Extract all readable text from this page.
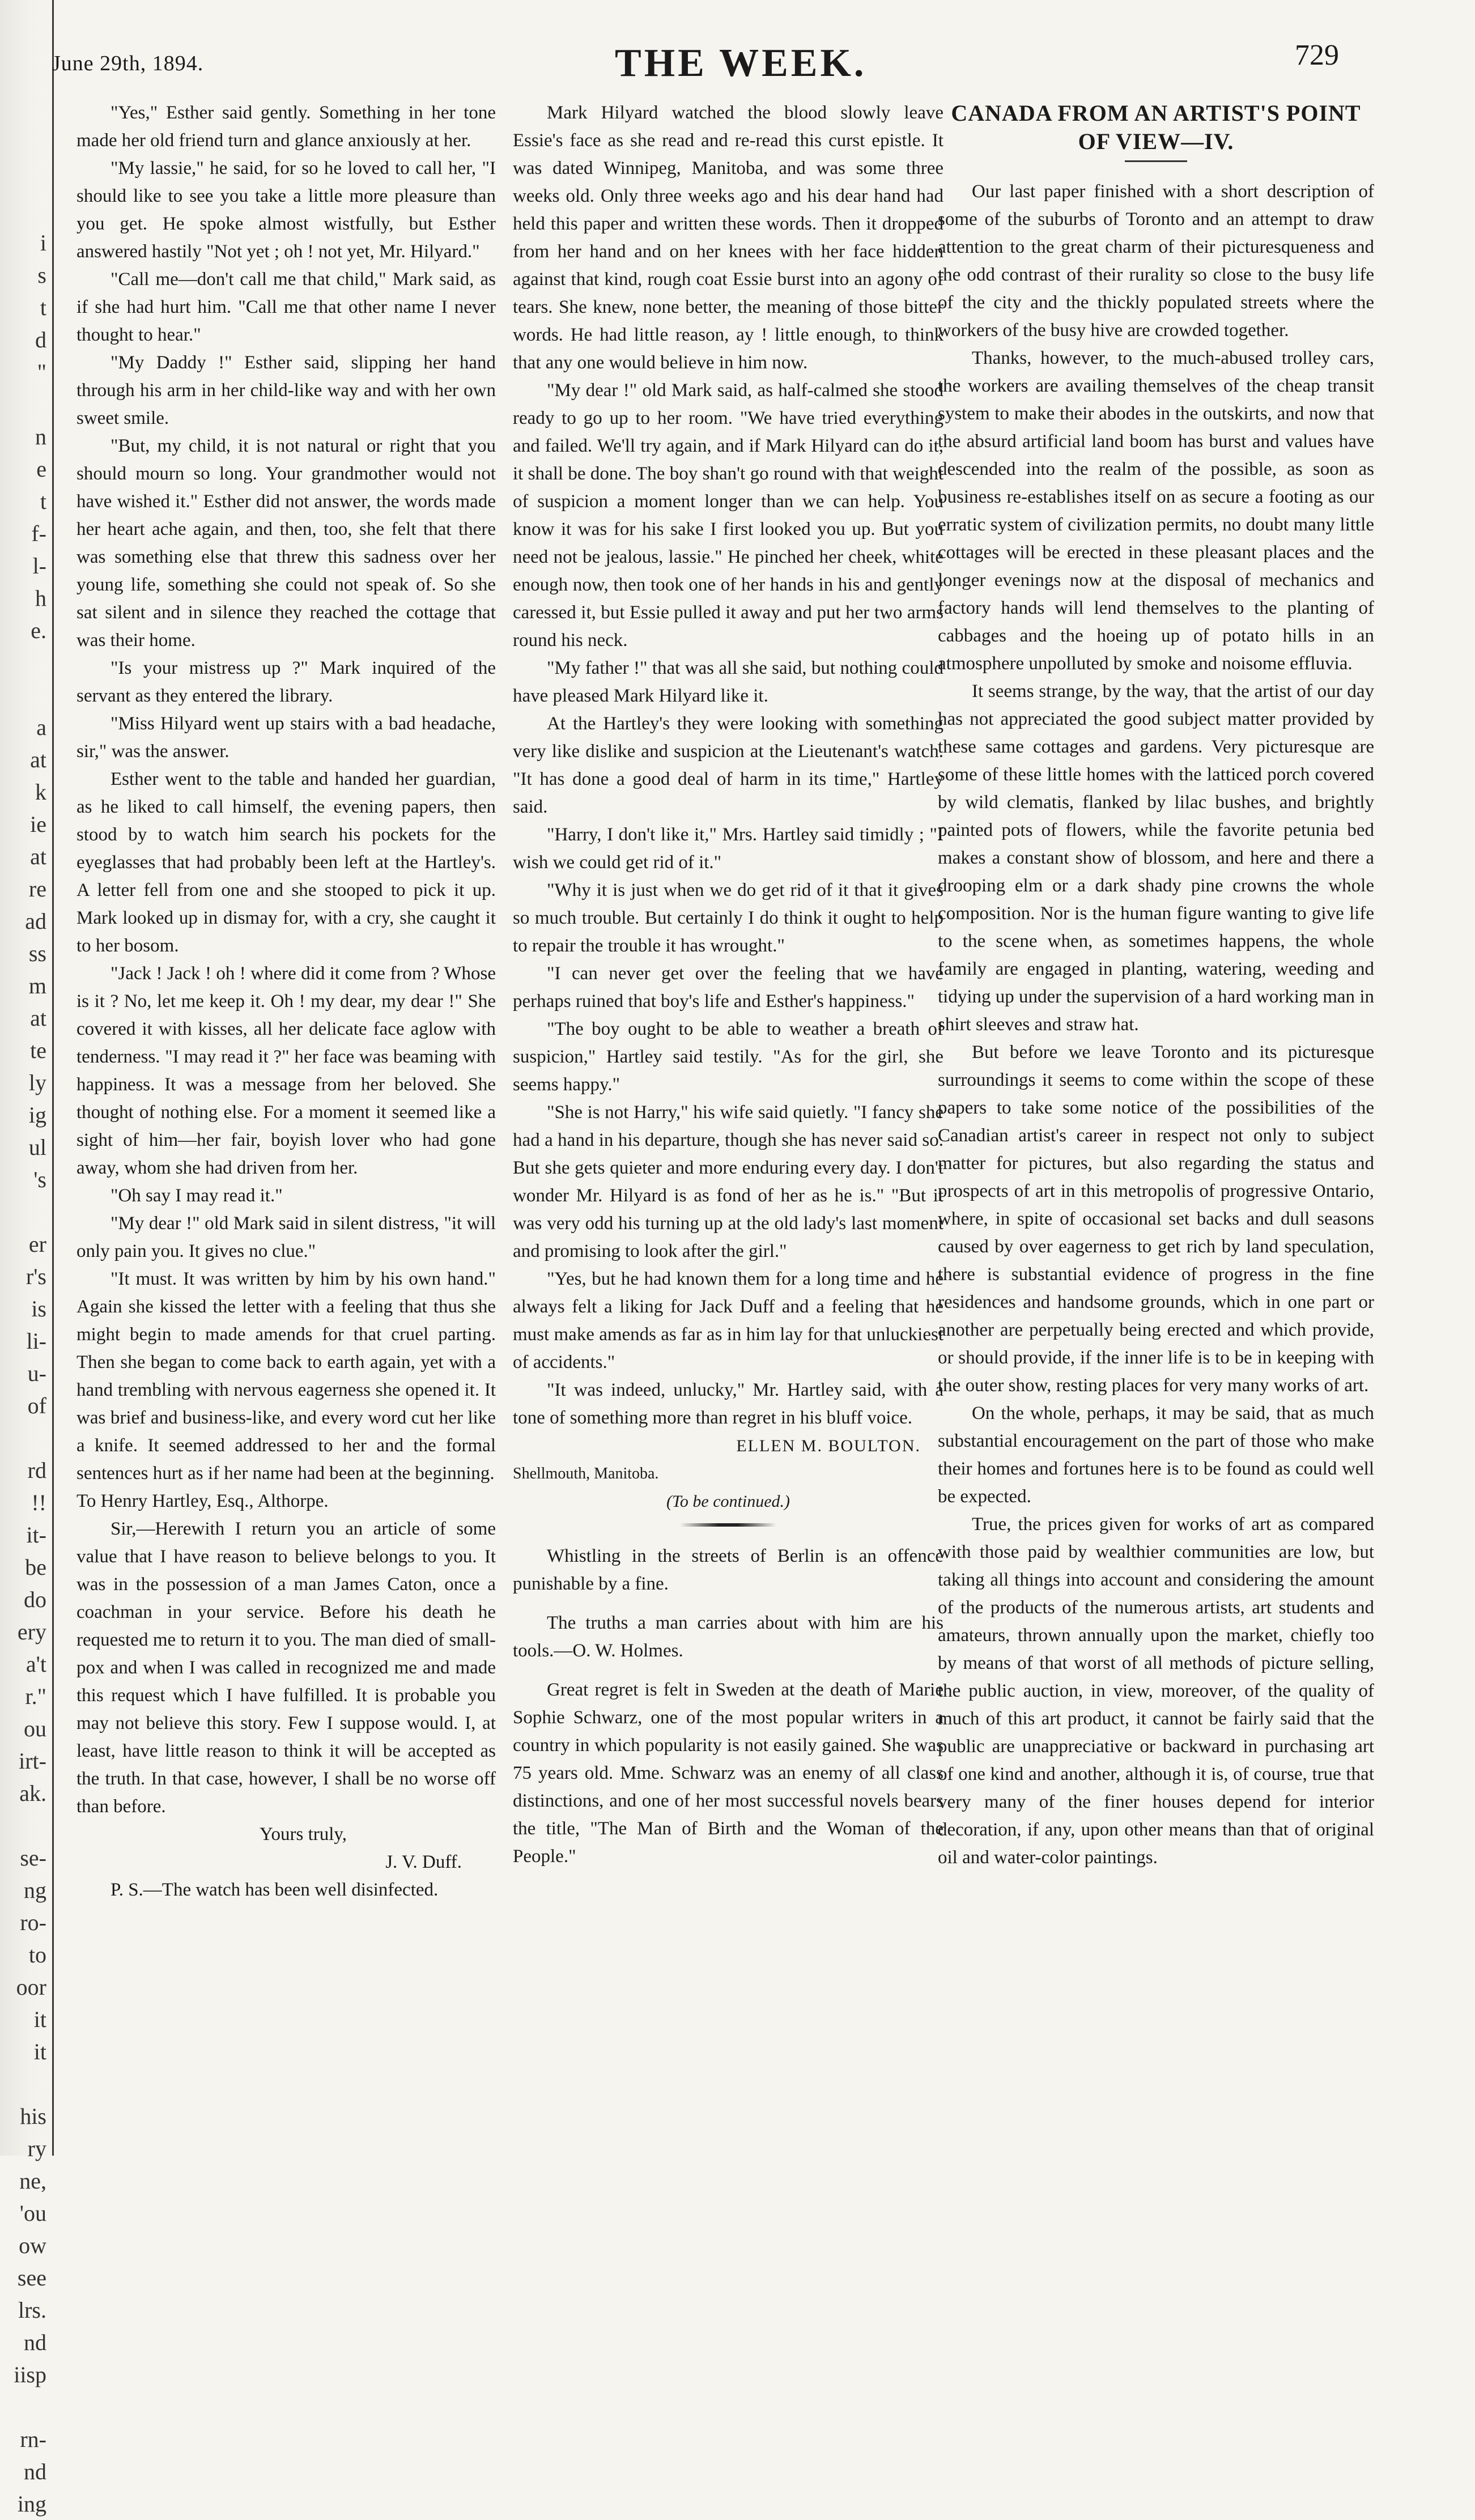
i
s
t
d
"
n
e
t
f-
l-
h
e.
a
at
k
ie
at
re
ad
ss
m
at
te
ly
ig
ul
's
er
r's
is
li-
u-
of
rd
!!
it-
be
do
ery
a't
r."
ou
irt-
ak.
se-
ng
ro-
to
oor
it
it
his
ry
ne,
'ou
ow
see
lrs.
nd
iisp
rn-
nd
ing
June 29th, 1894.	THE WEEK.	729

"Yes," Esther said gently. Something in her tone made her old friend turn and glance anxiously at her.

"My lassie," he said, for so he loved to call her, "I should like to see you take a little more pleasure than you get. He spoke almost wistfully, but Esther answered hastily "Not yet ; oh ! not yet, Mr. Hilyard."

"Call me—don't call me that child," Mark said, as if she had hurt him. "Call me that other name I never thought to hear."

"My Daddy !" Esther said, slipping her hand through his arm in her child-like way and with her own sweet smile.

"But, my child, it is not natural or right that you should mourn so long. Your grandmother would not have wished it." Esther did not answer, the words made her heart ache again, and then, too, she felt that there was something else that threw this sadness over her young life, something she could not speak of. So she sat silent and in silence they reached the cottage that was their home.

"Is your mistress up ?" Mark inquired of the servant as they entered the library.

"Miss Hilyard went up stairs with a bad headache, sir," was the answer.

Esther went to the table and handed her guardian, as he liked to call himself, the evening papers, then stood by to watch him search his pockets for the eyeglasses that had probably been left at the Hartley's. A letter fell from one and she stooped to pick it up. Mark looked up in dismay for, with a cry, she caught it to her bosom.

"Jack ! Jack ! oh ! where did it come from ? Whose is it ? No, let me keep it. Oh ! my dear, my dear !" She covered it with kisses, all her delicate face aglow with tenderness. "I may read it ?" her face was beaming with happiness. It was a message from her beloved. She thought of nothing else. For a moment it seemed like a sight of him—her fair, boyish lover who had gone away, whom she had driven from her.

"Oh say I may read it."

"My dear !" old Mark said in silent distress, "it will only pain you. It gives no clue."

"It must. It was written by him by his own hand." Again she kissed the letter with a feeling that thus she might begin to made amends for that cruel parting. Then she began to come back to earth again, yet with a hand trembling with nervous eagerness she opened it. It was brief and business-like, and every word cut her like a knife. It seemed addressed to her and the formal sentences hurt as if her name had been at the beginning.

To Henry Hartley, Esq., Althorpe.

Sir,—Herewith I return you an article of some value that I have reason to believe belongs to you. It was in the possession of a man James Caton, once a coachman in your service. Before his death he requested me to return it to you. The man died of small-pox and when I was called in recognized me and made this request which I have fulfilled. It is probable you may not believe this story. Few I suppose would. I, at least, have little reason to think it will be accepted as the truth. In that case, however, I shall be no worse off than before.

Yours truly,

J. V. Duff.

P. S.—The watch has been well disinfected.

Mark Hilyard watched the blood slowly leave Essie's face as she read and re-read this curst epistle. It was dated Winnipeg, Manitoba, and was some three weeks old. Only three weeks ago and his dear hand had held this paper and written these words. Then it dropped from her hand and on her knees with her face hidden against that kind, rough coat Essie burst into an agony of tears. She knew, none better, the meaning of those bitter words. He had little reason, ay ! little enough, to think that any one would believe in him now.

"My dear !" old Mark said, as half-calmed she stood ready to go up to her room. "We have tried everything and failed. We'll try again, and if Mark Hilyard can do it, it shall be done. The boy shan't go round with that weight of suspicion a moment longer than we can help. You know it was for his sake I first looked you up. But you need not be jealous, lassie." He pinched her cheek, white enough now, then took one of her hands in his and gently caressed it, but Essie pulled it away and put her two arms round his neck.

"My father !" that was all she said, but nothing could have pleased Mark Hilyard like it.

At the Hartley's they were looking with something very like dislike and suspicion at the Lieutenant's watch. "It has done a good deal of harm in its time," Hartley said.

"Harry, I don't like it," Mrs. Hartley said timidly ; "I wish we could get rid of it."

"Why it is just when we do get rid of it that it gives so much trouble. But certainly I do think it ought to help to repair the trouble it has wrought."

"I can never get over the feeling that we have perhaps ruined that boy's life and Esther's happiness."

"The boy ought to be able to weather a breath of suspicion," Hartley said testily. "As for the girl, she seems happy."

"She is not Harry," his wife said quietly. "I fancy she had a hand in his departure, though she has never said so. But she gets quieter and more enduring every day. I don't wonder Mr. Hilyard is as fond of her as he is." "But it was very odd his turning up at the old lady's last moment and promising to look after the girl."

"Yes, but he had known them for a long time and he always felt a liking for Jack Duff and a feeling that he must make amends as far as in him lay for that unluckiest of accidents."

"It was indeed, unlucky," Mr. Hartley said, with a tone of something more than regret in his bluff voice.

ELLEN M. BOULTON.

Shellmouth, Manitoba.

(To be continued.)

Whistling in the streets of Berlin is an offence punishable by a fine.

The truths a man carries about with him are his tools.—O. W. Holmes.

Great regret is felt in Sweden at the death of Marie Sophie Schwarz, one of the most popular writers in a country in which popularity is not easily gained. She was 75 years old. Mme. Schwarz was an enemy of all class distinctions, and one of her most successful novels bears the title, "The Man of Birth and the Woman of the People."

CANADA FROM AN ARTIST'S POINT OF VIEW—IV.

Our last paper finished with a short description of some of the suburbs of Toronto and an attempt to draw attention to the great charm of their picturesqueness and the odd contrast of their rurality so close to the busy life of the city and the thickly populated streets where the workers of the busy hive are crowded together.

Thanks, however, to the much-abused trolley cars, the workers are availing themselves of the cheap transit system to make their abodes in the outskirts, and now that the absurd artificial land boom has burst and values have descended into the realm of the possible, as soon as business re-establishes itself on as secure a footing as our erratic system of civilization permits, no doubt many little cottages will be erected in these pleasant places and the longer evenings now at the disposal of mechanics and factory hands will lend themselves to the planting of cabbages and the hoeing up of potato hills in an atmosphere unpolluted by smoke and noisome effluvia.

It seems strange, by the way, that the artist of our day has not appreciated the good subject matter provided by these same cottages and gardens. Very picturesque are some of these little homes with the latticed porch covered by wild clematis, flanked by lilac bushes, and brightly painted pots of flowers, while the favorite petunia bed makes a constant show of blossom, and here and there a drooping elm or a dark shady pine crowns the whole composition. Nor is the human figure wanting to give life to the scene when, as sometimes happens, the whole family are engaged in planting, watering, weeding and tidying up under the supervision of a hard working man in shirt sleeves and straw hat.

But before we leave Toronto and its picturesque surroundings it seems to come within the scope of these papers to take some notice of the possibilities of the Canadian artist's career in respect not only to subject matter for pictures, but also regarding the status and prospects of art in this metropolis of progressive Ontario, where, in spite of occasional set backs and dull seasons caused by over eagerness to get rich by land speculation, there is substantial evidence of progress in the fine residences and handsome grounds, which in one part or another are perpetually being erected and which provide, or should provide, if the inner life is to be in keeping with the outer show, resting places for very many works of art.

On the whole, perhaps, it may be said, that as much substantial encouragement on the part of those who make their homes and fortunes here is to be found as could well be expected.

True, the prices given for works of art as compared with those paid by wealthier communities are low, but taking all things into account and considering the amount of the products of the numerous artists, art students and amateurs, thrown annually upon the market, chiefly too by means of that worst of all methods of picture selling, the public auction, in view, moreover, of the quality of much of this art product, it cannot be fairly said that the public are unappreciative or backward in purchasing art of one kind and another, although it is, of course, true that very many of the finer houses depend for interior decoration, if any, upon other means than that of original oil and water-color paintings.
